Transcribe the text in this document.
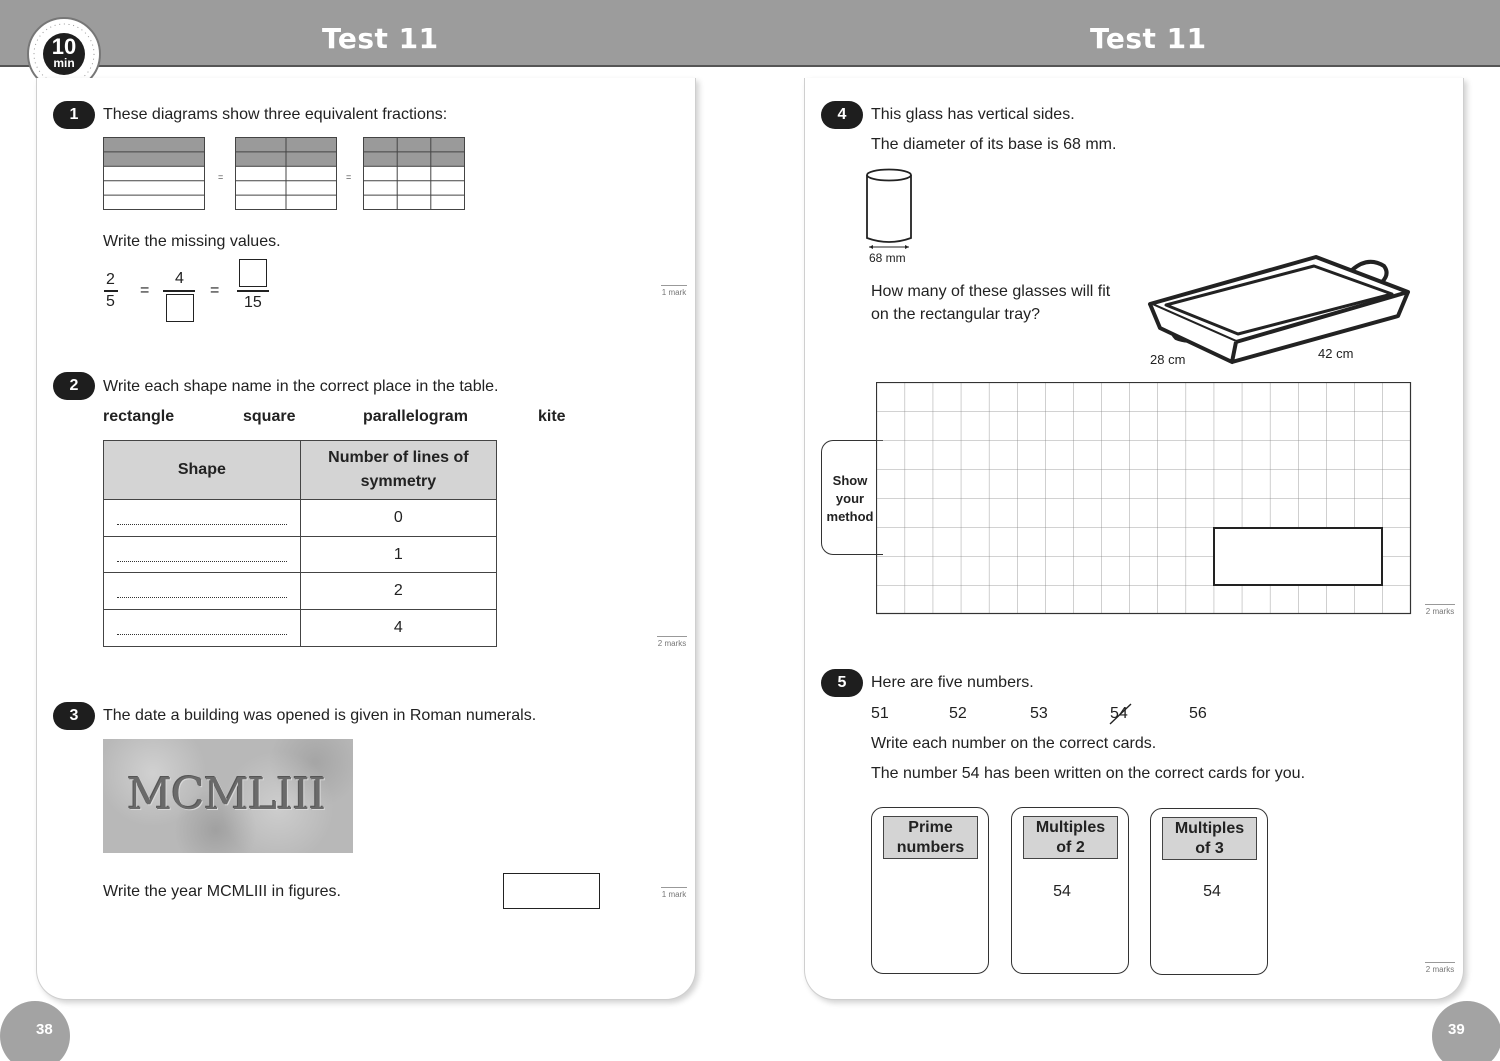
Test 11	Test 11
10
min
38	39
1	These diagrams show three equivalent fractions:
=	=
Write the missing values.
2
5
=
4
=
15
1 mark
2	Write each shape name in the correct place in the table.
rectangle	square	parallelogram	kite
Shape	Number of lines of symmetry

	0

	1

	2

	4
2 marks
3	The date a building was opened is given in Roman numerals.
MCMLIII
Write the year MCMLIII in figures.	1 mark
4	This glass has vertical sides.
The diameter of its base is 68 mm.
68 mm
How many of these glasses will fit
on the rectangular tray?
28 cm	42 cm
Show
your
method
2 marks
5	Here are five numbers.
51	52	53	54	56
Write each number on the correct cards.
The number 54 has been written on the correct cards for you.
Prime
numbers
Multiples
of 2
54
Multiples
of 3
54
2 marks
